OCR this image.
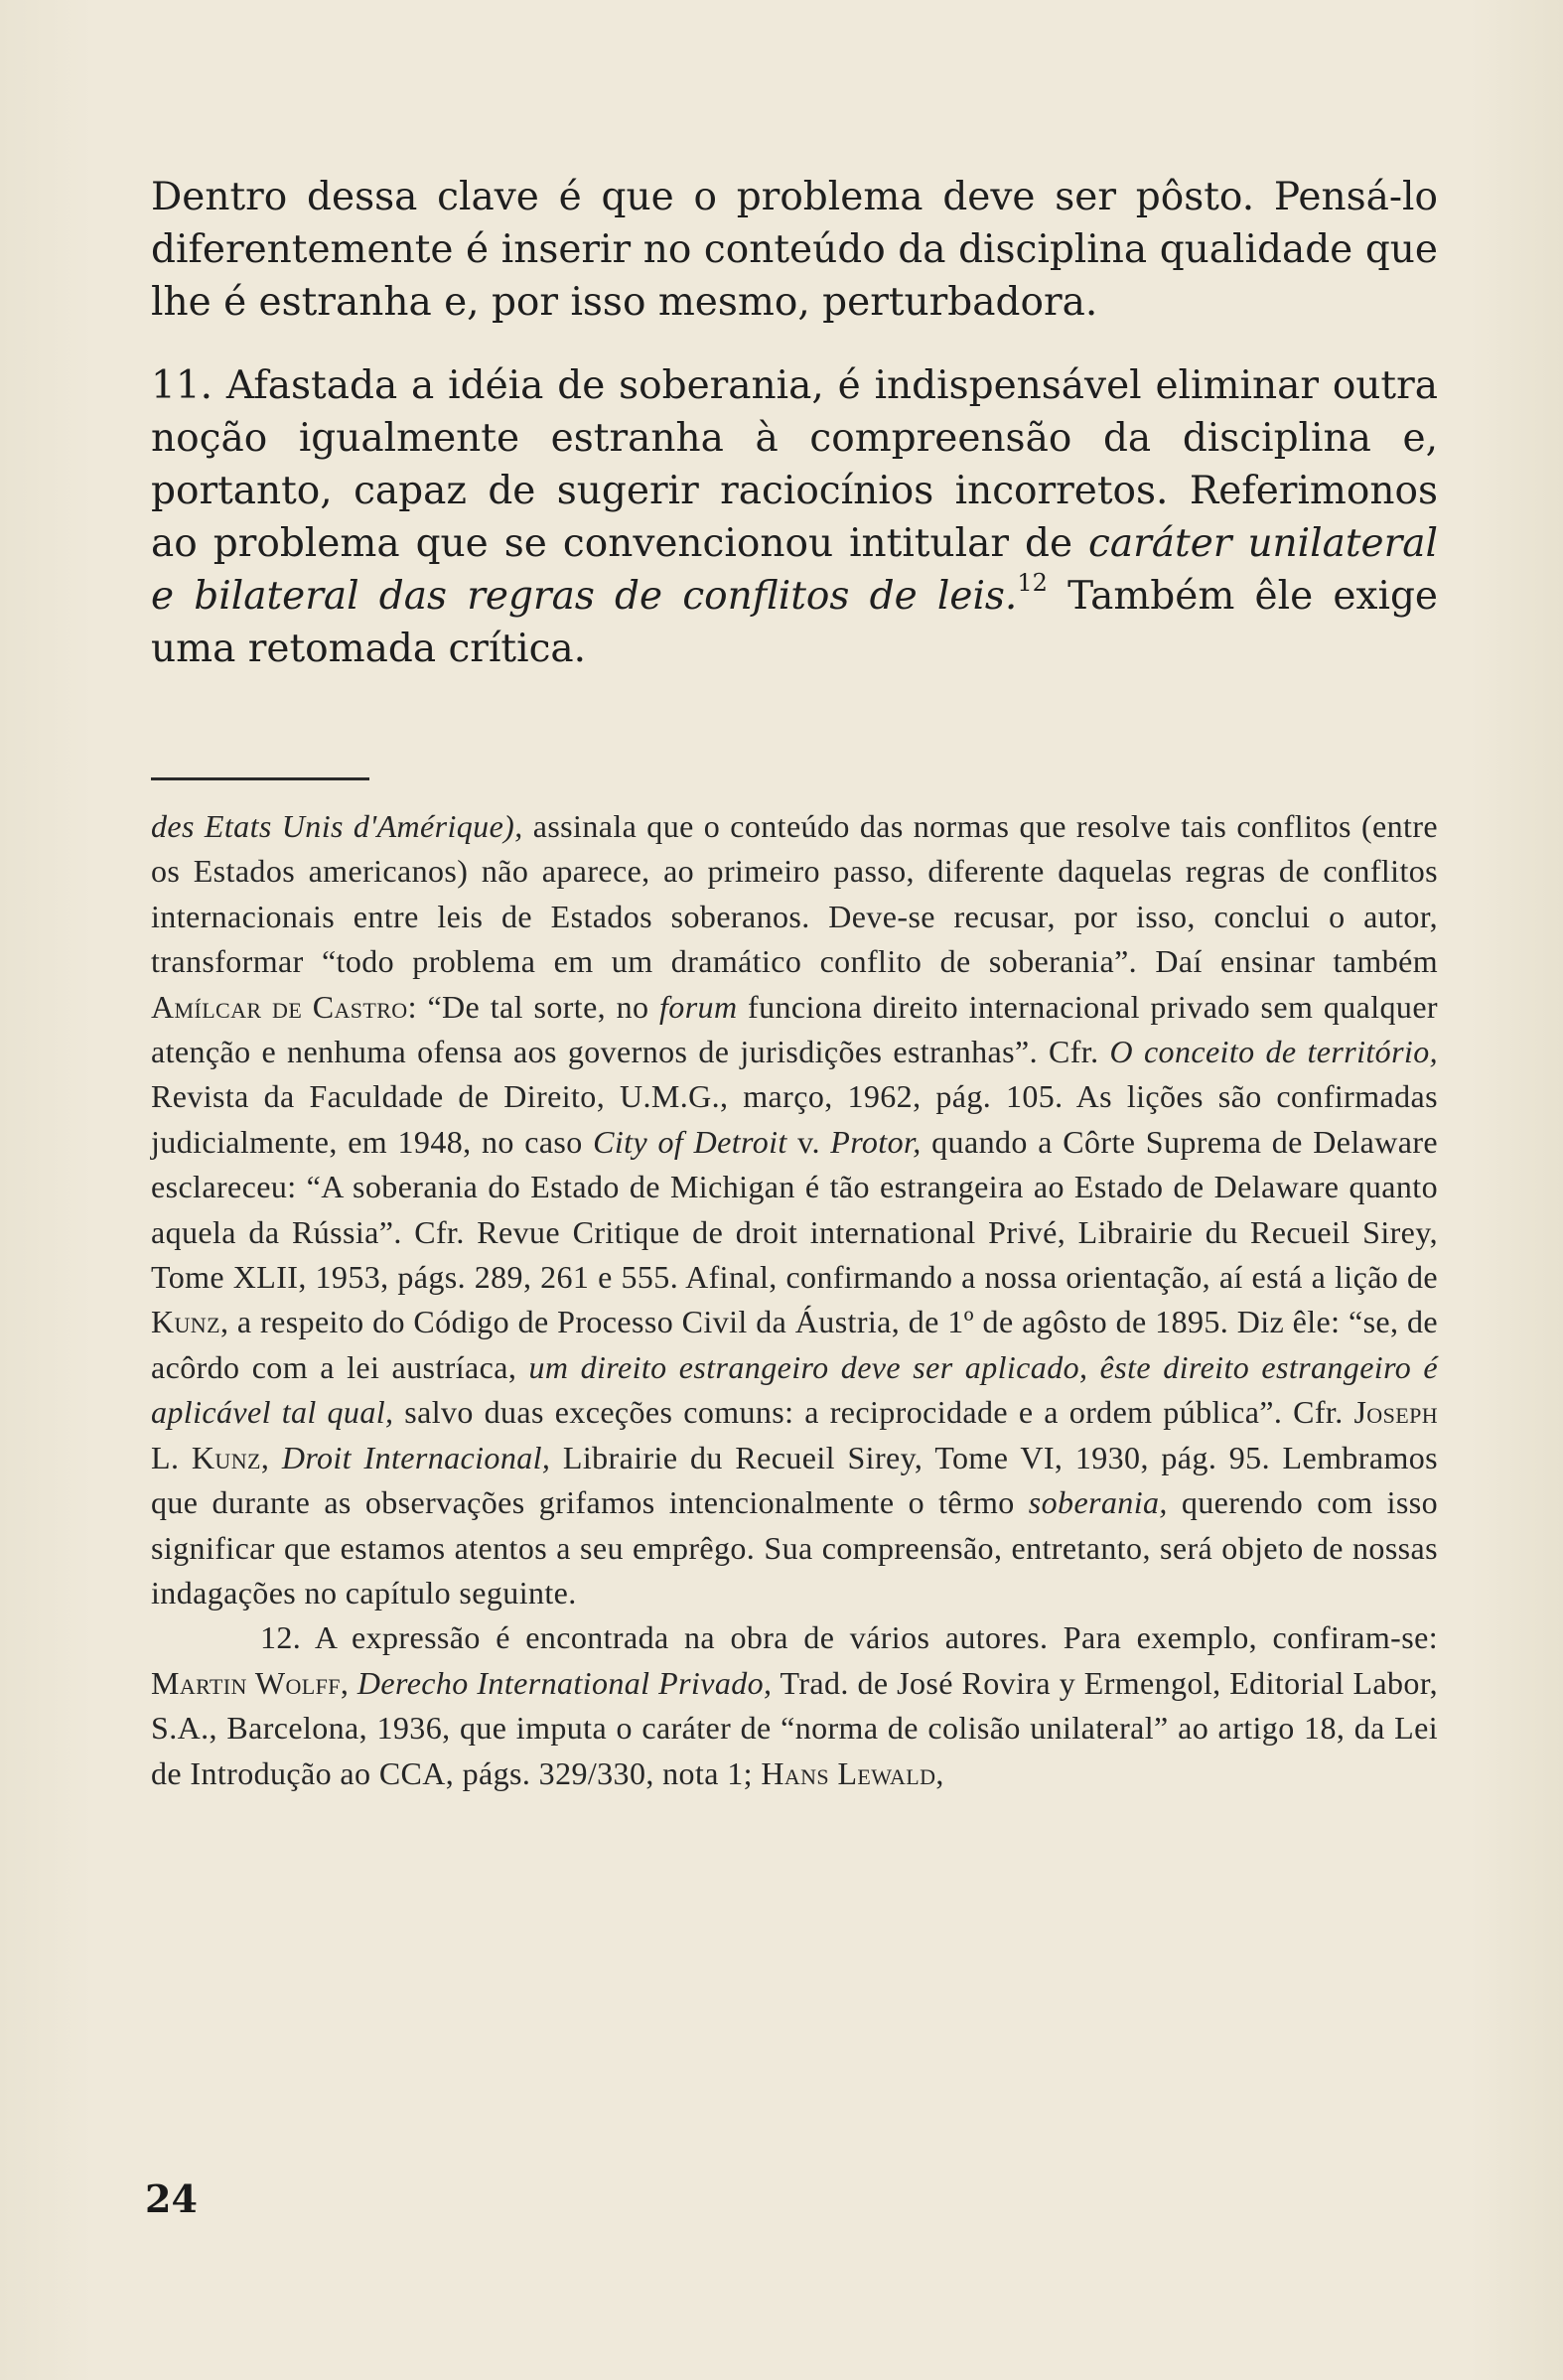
Dentro dessa clave é que o problema deve ser pôsto. Pensá-lo diferentemente é inserir no conteúdo da disciplina qualidade que lhe é estranha e, por isso mesmo, perturbadora.

11. Afastada a idéia de soberania, é indispensável eliminar outra noção igualmente estranha à compreensão da disciplina e, portanto, capaz de sugerir raciocínios incorretos. Referimonos ao problema que se convencionou intitular de caráter unilateral e bilateral das regras de conflitos de leis.$^{12}$ Também êle exige uma retomada crítica.

des Etats Unis d'Amérique), assinala que o conteúdo das normas que resolve tais conflitos (entre os Estados americanos) não aparece, ao primeiro passo, diferente daquelas regras de conflitos internacionais entre leis de Estados soberanos. Deve-se recusar, por isso, conclui o autor, transformar “todo problema em um dramático conflito de soberania”. Daí ensinar também Amílcar de Castro: “De tal sorte, no forum funciona direito internacional privado sem qualquer atenção e nenhuma ofensa aos governos de jurisdições estranhas”. Cfr. O conceito de território, Revista da Faculdade de Direito, U.M.G., março, 1962, pág. 105. As lições são confirmadas judicialmente, em 1948, no caso City of Detroit v. Protor, quando a Côrte Suprema de Delaware esclareceu: “A soberania do Estado de Michigan é tão estrangeira ao Estado de Delaware quanto aquela da Rússia”. Cfr. Revue Critique de droit international Privé, Librairie du Recueil Sirey, Tome XLII, 1953, págs. 289, 261 e 555. Afinal, confirmando a nossa orientação, aí está a lição de Kunz, a respeito do Código de Processo Civil da Áustria, de 1º de agôsto de 1895. Diz êle: “se, de acôrdo com a lei austríaca, um direito estrangeiro deve ser aplicado, êste direito estrangeiro é aplicável tal qual, salvo duas exceções comuns: a reciprocidade e a ordem pública”. Cfr. Joseph L. Kunz, Droit Internacional, Librairie du Recueil Sirey, Tome VI, 1930, pág. 95. Lembramos que durante as observações grifamos intencionalmente o têrmo soberania, querendo com isso significar que estamos atentos a seu emprêgo. Sua compreensão, entretanto, será objeto de nossas indagações no capítulo seguinte.

12. A expressão é encontrada na obra de vários autores. Para exemplo, confiram-se: Martin Wolff, Derecho International Privado, Trad. de José Rovira y Ermengol, Editorial Labor, S.A., Barcelona, 1936, que imputa o caráter de “norma de colisão unilateral” ao artigo 18, da Lei de Introdução ao CCA, págs. 329/330, nota 1; Hans Lewald,

24
